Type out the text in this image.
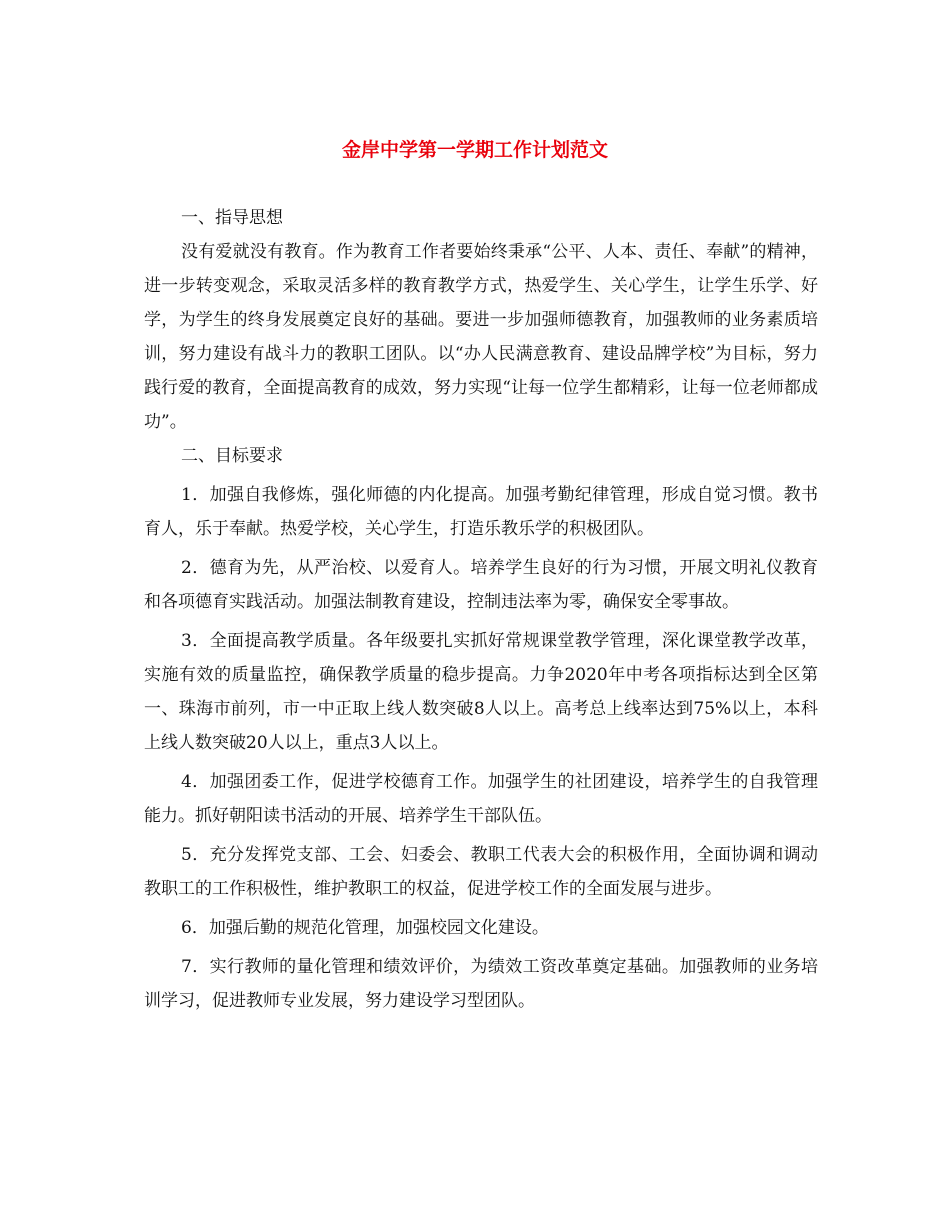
金岸中学第一学期工作计划范文

一、指导思想

没有爱就没有教育。作为教育工作者要始终秉承“公平、人本、责任、奉献”的精神，进一步转变观念，采取灵活多样的教育教学方式，热爱学生、关心学生，让学生乐学、好学，为学生的终身发展奠定良好的基础。要进一步加强师德教育，加强教师的业务素质培训，努力建设有战斗力的教职工团队。以“办人民满意教育、建设品牌学校”为目标，努力践行爱的教育，全面提高教育的成效，努力实现“让每一位学生都精彩，让每一位老师都成功”。

二、目标要求

1．加强自我修炼，强化师德的内化提高。加强考勤纪律管理，形成自觉习惯。教书育人，乐于奉献。热爱学校，关心学生，打造乐教乐学的积极团队。

2．德育为先，从严治校、以爱育人。培养学生良好的行为习惯，开展文明礼仪教育和各项德育实践活动。加强法制教育建设，控制违法率为零，确保安全零事故。

3．全面提高教学质量。各年级要扎实抓好常规课堂教学管理，深化课堂教学改革，实施有效的质量监控，确保教学质量的稳步提高。力争2020年中考各项指标达到全区第一、珠海市前列，市一中正取上线人数突破8人以上。高考总上线率达到75%以上，本科上线人数突破20人以上，重点3人以上。

4．加强团委工作，促进学校德育工作。加强学生的社团建设，培养学生的自我管理能力。抓好朝阳读书活动的开展、培养学生干部队伍。

5．充分发挥党支部、工会、妇委会、教职工代表大会的积极作用，全面协调和调动教职工的工作积极性，维护教职工的权益，促进学校工作的全面发展与进步。

6．加强后勤的规范化管理，加强校园文化建设。

7．实行教师的量化管理和绩效评价，为绩效工资改革奠定基础。加强教师的业务培训学习，促进教师专业发展，努力建设学习型团队。
